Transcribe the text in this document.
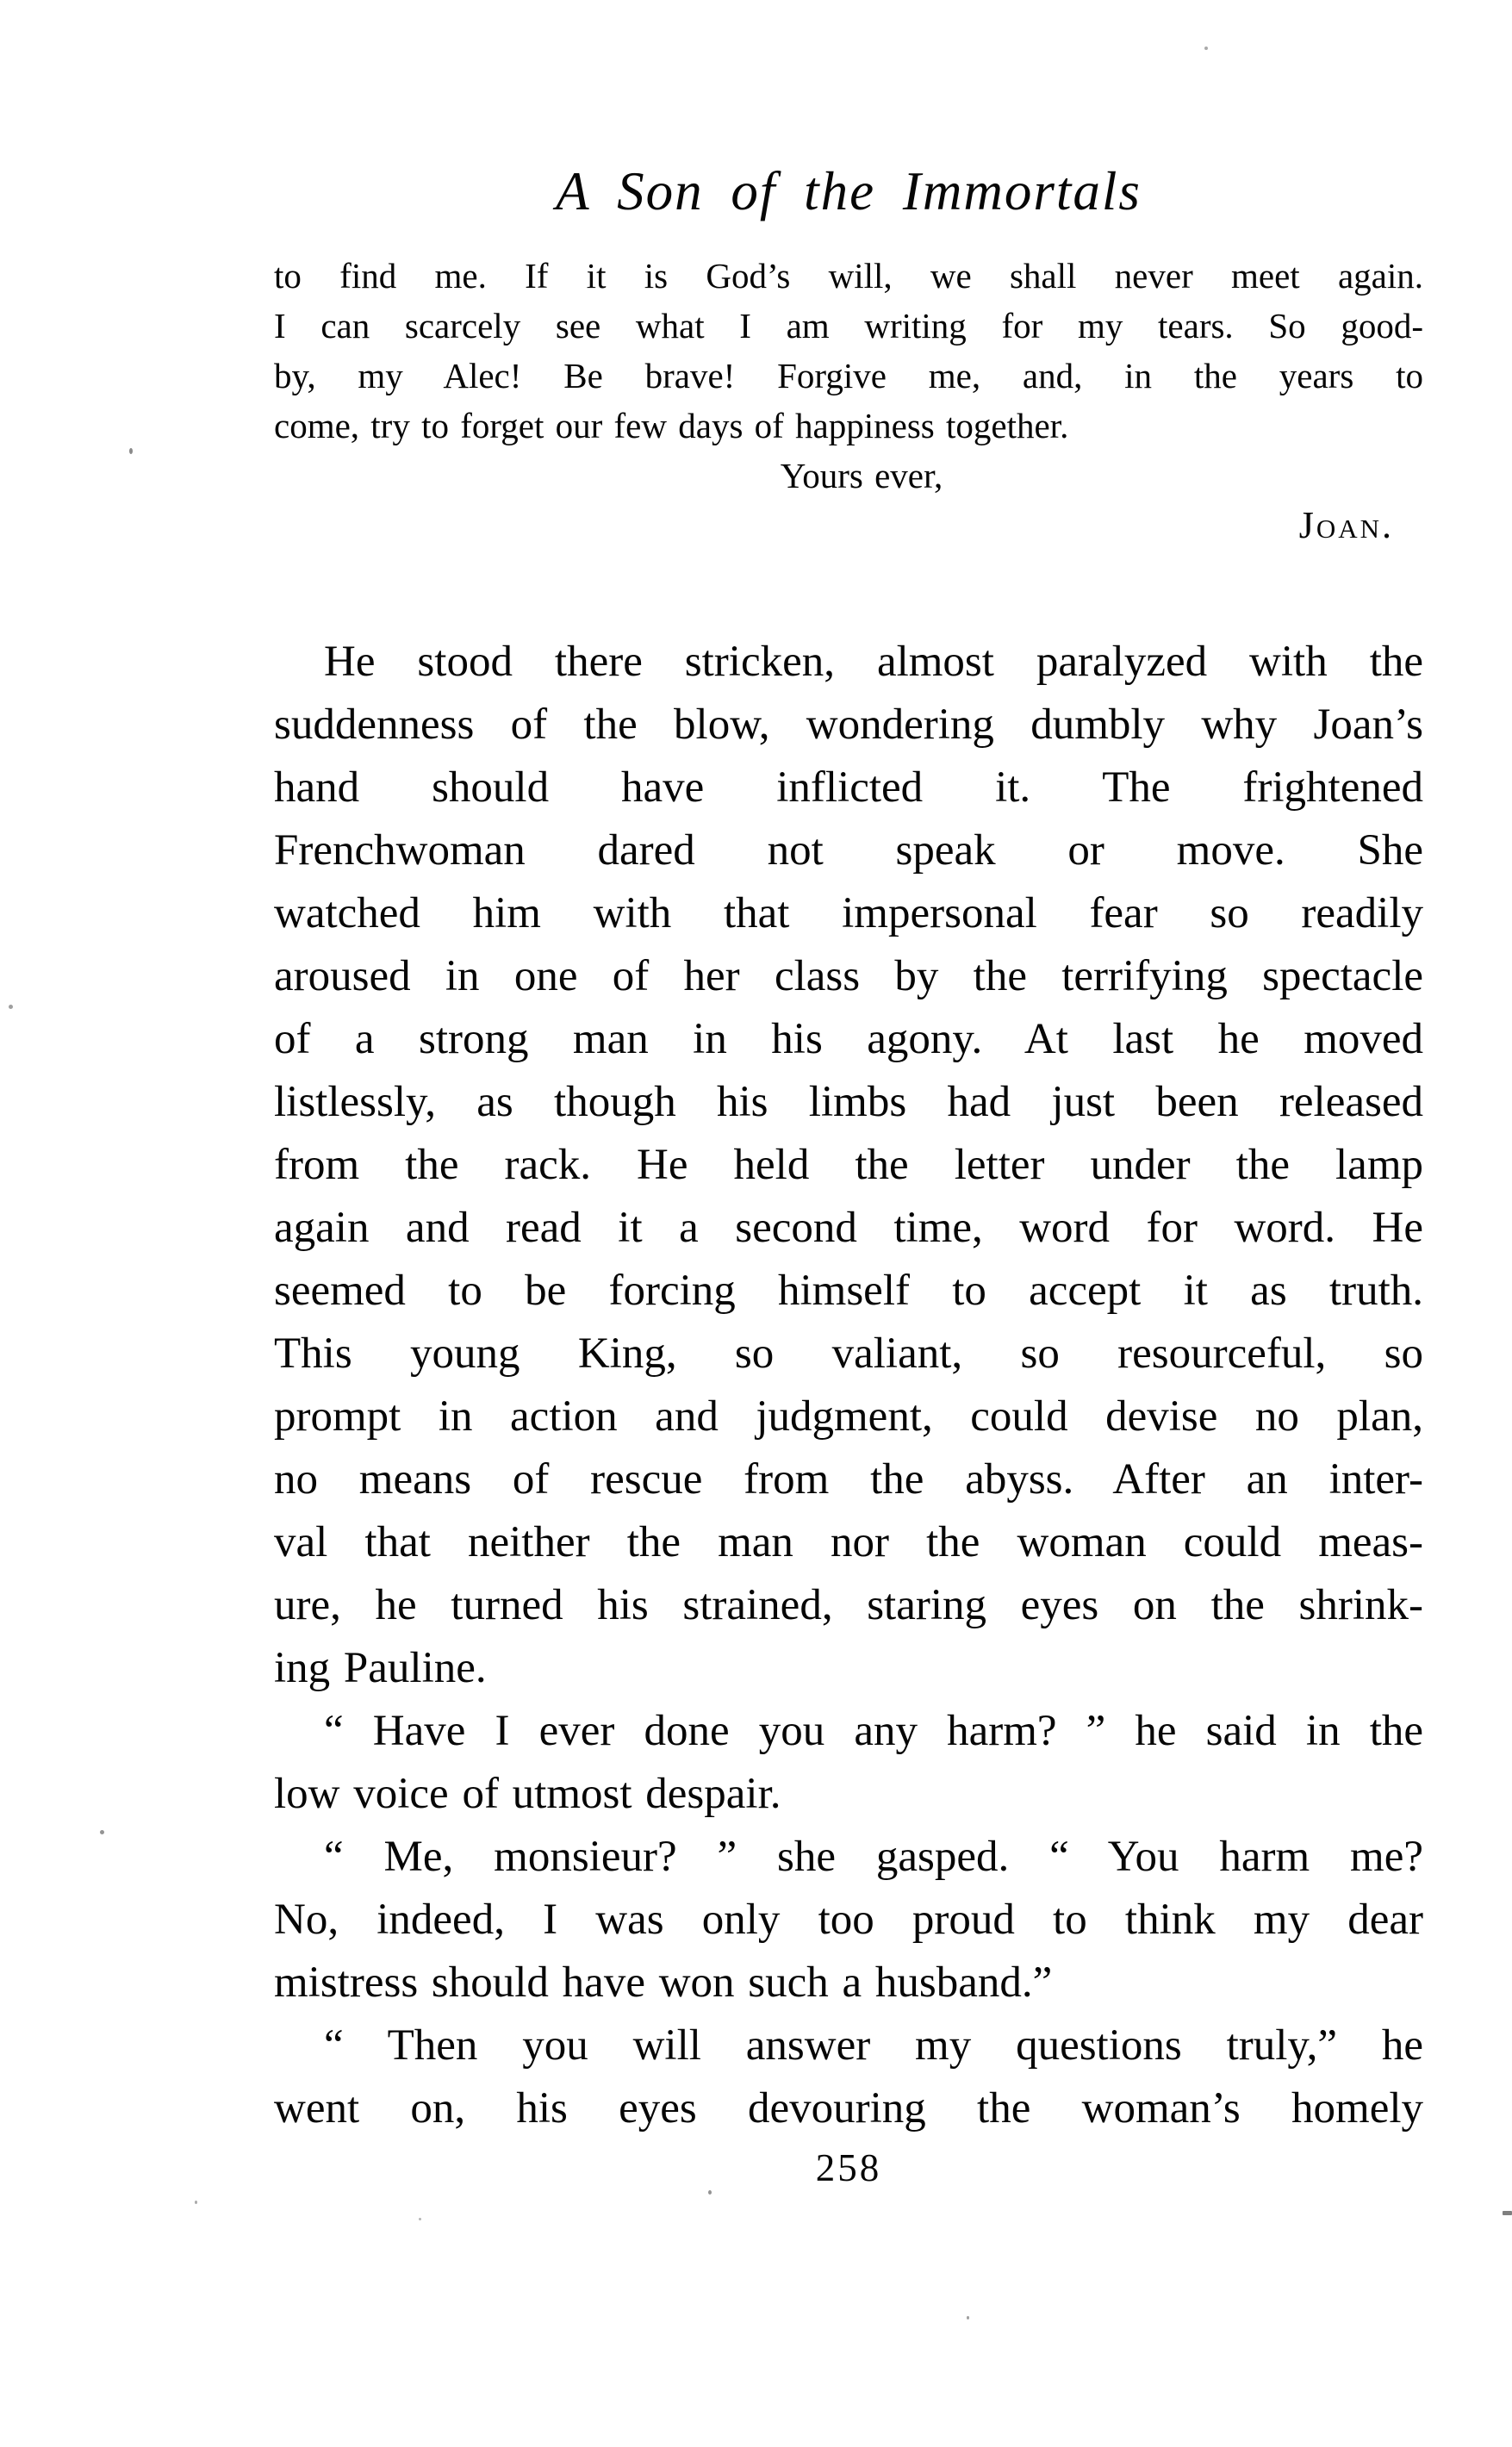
A Son of the Immortals
to find me. If it is God’s will, we shall never meet again.
I can scarcely see what I am writing for my tears. So good-
by, my Alec! Be brave! Forgive me, and, in the years to
come, try to forget our few days of happiness together.
Yours ever,
Joan.
He stood there stricken, almost paralyzed with the
suddenness of the blow, wondering dumbly why Joan’s
hand should have inflicted it. The frightened
Frenchwoman dared not speak or move. She
watched him with that impersonal fear so readily
aroused in one of her class by the terrifying spectacle
of a strong man in his agony. At last he moved
listlessly, as though his limbs had just been released
from the rack. He held the letter under the lamp
again and read it a second time, word for word. He
seemed to be forcing himself to accept it as truth.
This young King, so valiant, so resourceful, so
prompt in action and judgment, could devise no plan,
no means of rescue from the abyss. After an inter-
val that neither the man nor the woman could meas-
ure, he turned his strained, staring eyes on the shrink-
ing Pauline.
“ Have I ever done you any harm? ” he said in the
low voice of utmost despair.
“ Me, monsieur? ” she gasped. “ You harm me?
No, indeed, I was only too proud to think my dear
mistress should have won such a husband.”
“ Then you will answer my questions truly,” he
went on, his eyes devouring the woman’s homely
258
